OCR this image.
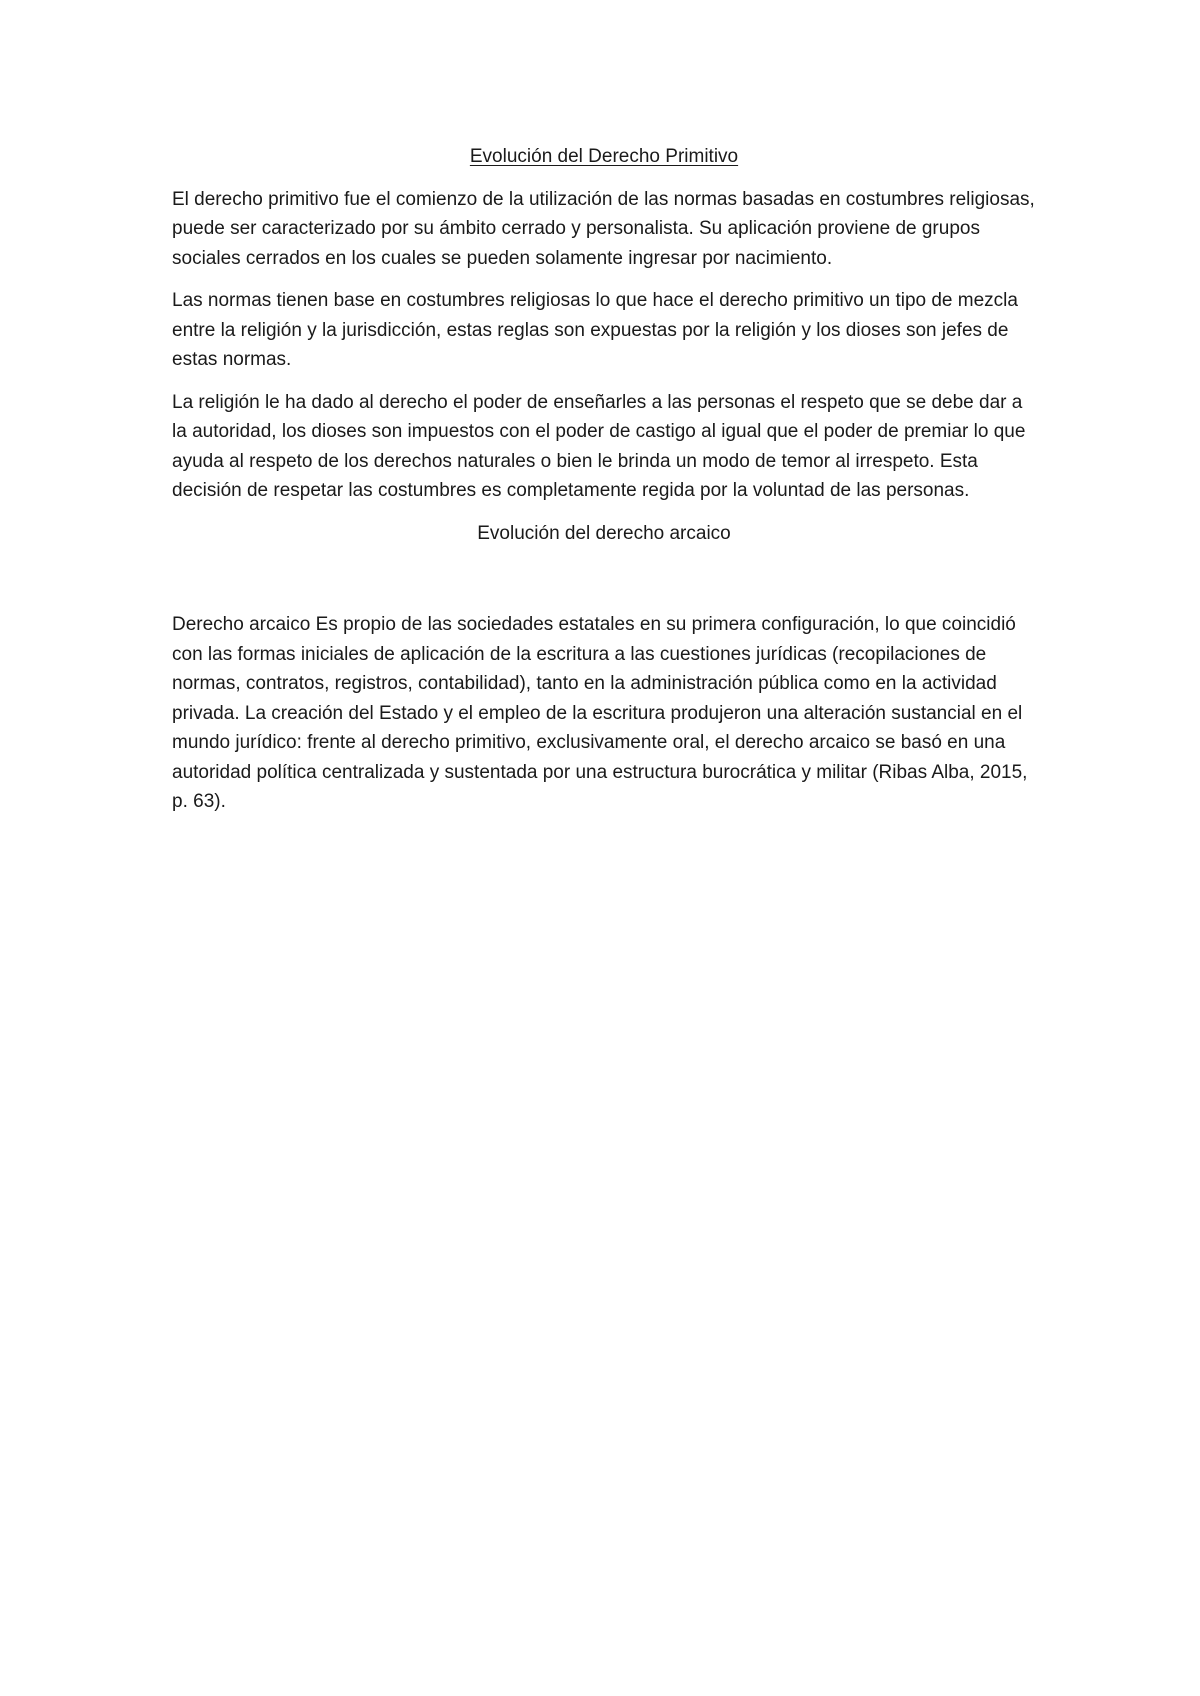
Evolución del Derecho Primitivo

El derecho primitivo fue el comienzo de la utilización de las normas basadas en costumbres religiosas, puede ser caracterizado por su ámbito cerrado y personalista. Su aplicación proviene de grupos sociales cerrados en los cuales se pueden solamente ingresar por nacimiento.

Las normas tienen base en costumbres religiosas lo que hace el derecho primitivo un tipo de mezcla entre la religión y la jurisdicción, estas reglas son expuestas por la religión y los dioses son jefes de estas normas.

La religión le ha dado al derecho el poder de enseñarles a las personas el respeto que se debe dar a la autoridad, los dioses son impuestos con el poder de castigo al igual que el poder de premiar lo que ayuda al respeto de los derechos naturales o bien le brinda un modo de temor al irrespeto. Esta decisión de respetar las costumbres es completamente regida por la voluntad de las personas.

Evolución del derecho arcaico

Derecho arcaico Es propio de las sociedades estatales en su primera configuración, lo que coincidió con las formas iniciales de aplicación de la escritura a las cuestiones jurídicas (recopilaciones de normas, contratos, registros, contabilidad), tanto en la administración pública como en la actividad privada. La creación del Estado y el empleo de la escritura produjeron una alteración sustancial en el mundo jurídico: frente al derecho primitivo, exclusivamente oral, el derecho arcaico se basó en una autoridad política centralizada y sustentada por una estructura burocrática y militar (Ribas Alba, 2015, p. 63).
